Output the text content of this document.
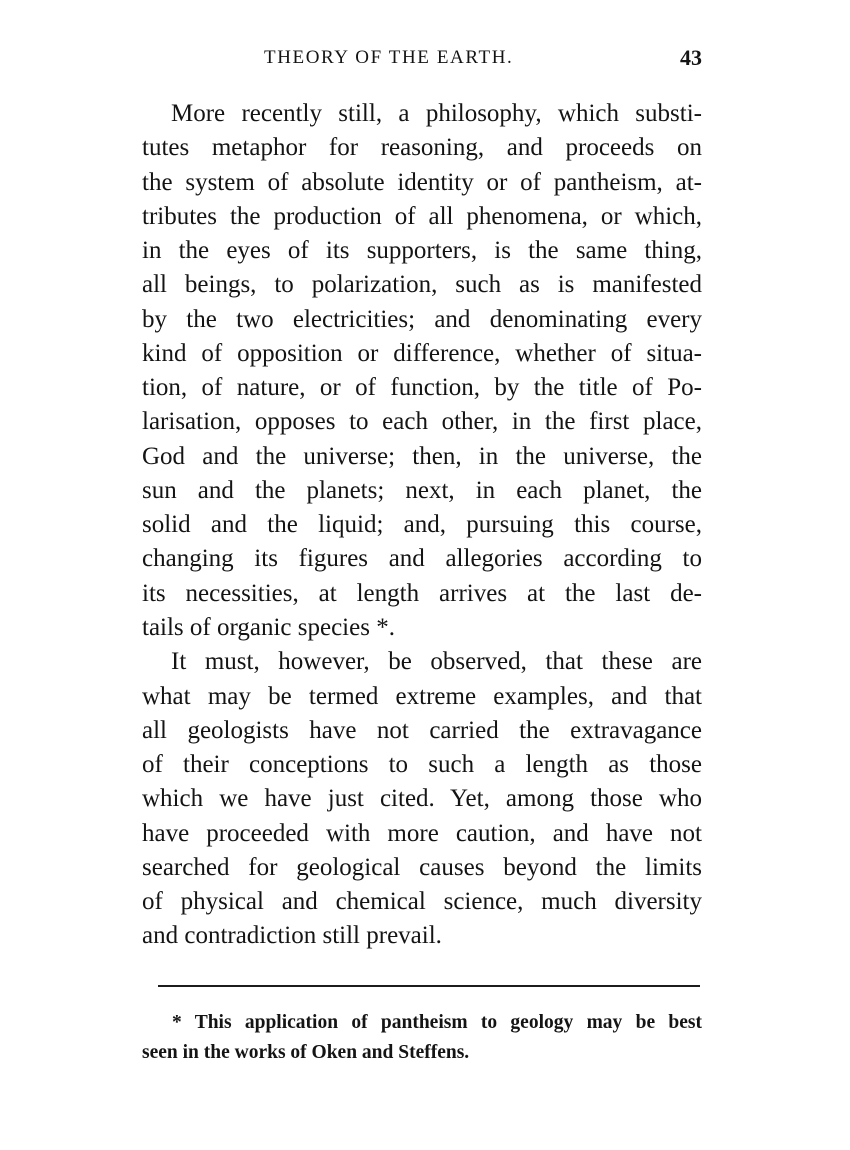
THEORY OF THE EARTH.	43
More recently still, a philosophy, which substi-
tutes metaphor for reasoning, and proceeds on
the system of absolute identity or of pantheism, at-
tributes the production of all phenomena, or which,
in the eyes of its supporters, is the same thing,
all beings, to polarization, such as is manifested
by the two electricities; and denominating every
kind of opposition or difference, whether of situa-
tion, of nature, or of function, by the title of Po-
larisation, opposes to each other, in the first place,
God and the universe; then, in the universe, the
sun and the planets; next, in each planet, the
solid and the liquid; and, pursuing this course,
changing its figures and allegories according to
its necessities, at length arrives at the last de-
tails of organic species *.
It must, however, be observed, that these are
what may be termed extreme examples, and that
all geologists have not carried the extravagance
of their conceptions to such a length as those
which we have just cited. Yet, among those who
have proceeded with more caution, and have not
searched for geological causes beyond the limits
of physical and chemical science, much diversity
and contradiction still prevail.
* This application of pantheism to geology may be best
seen in the works of Oken and Steffens.
